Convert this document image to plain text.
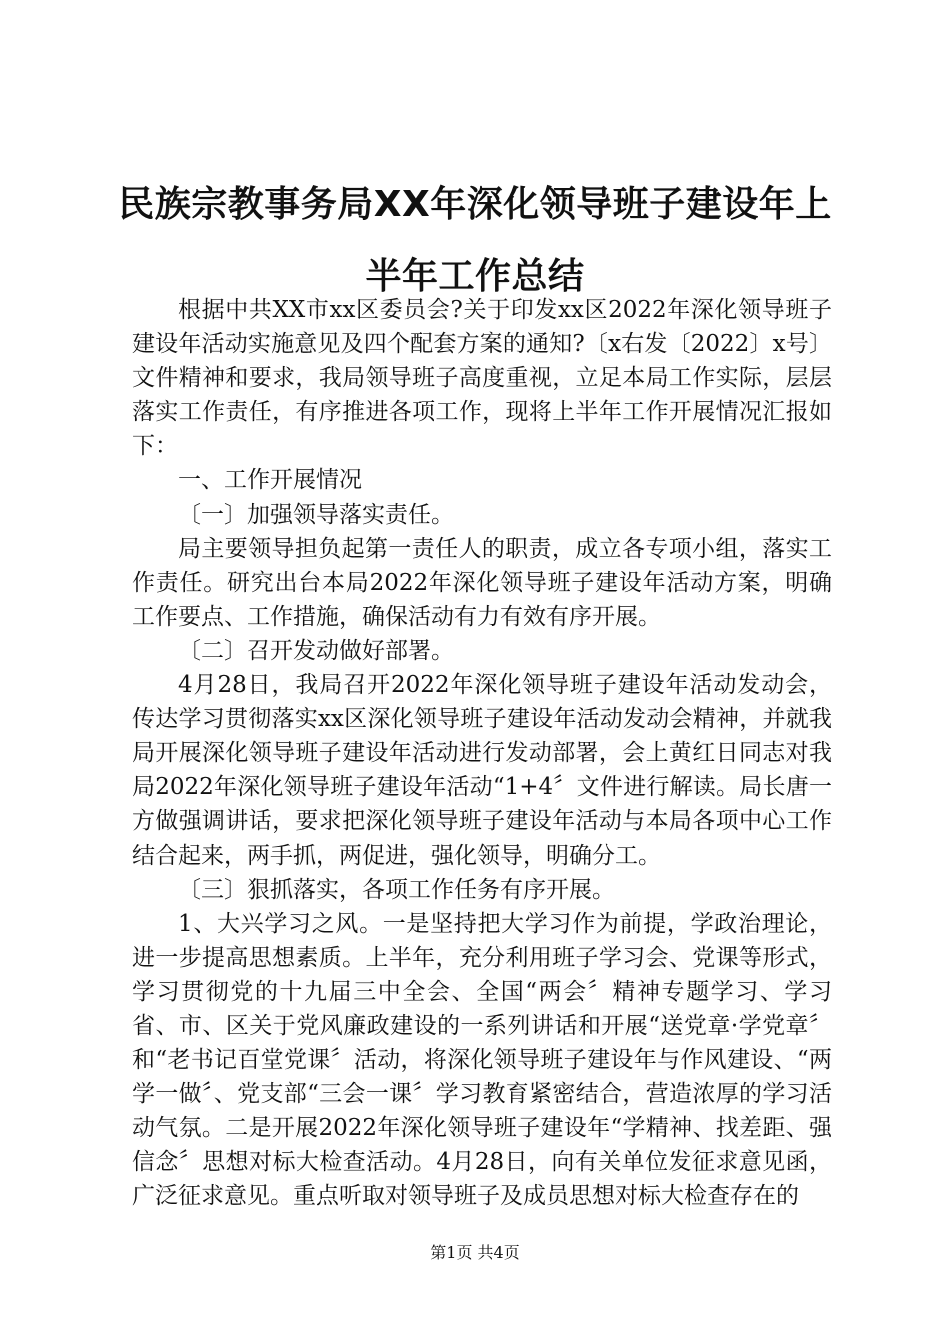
民族宗教事务局XX年深化领导班子建设年上
半年工作总结

根据中共XX市xx区委员会?关于印发xx区2022年深化领导班子建设年活动实施意见及四个配套方案的通知?〔x右发〔2022〕x号〕文件精神和要求，我局领导班子高度重视，立足本局工作实际，层层落实工作责任，有序推进各项工作，现将上半年工作开展情况汇报如下：

一、工作开展情况

〔一〕加强领导落实责任。

局主要领导担负起第一责任人的职责，成立各专项小组，落实工作责任。研究出台本局2022年深化领导班子建设年活动方案，明确工作要点、工作措施，确保活动有力有效有序开展。

〔二〕召开发动做好部署。

4月28日，我局召开2022年深化领导班子建设年活动发动会，传达学习贯彻落实xx区深化领导班子建设年活动发动会精神，并就我局开展深化领导班子建设年活动进行发动部署，会上黄红日同志对我局2022年深化领导班子建设年活动“1+4〞文件进行解读。局长唐一方做强调讲话，要求把深化领导班子建设年活动与本局各项中心工作结合起来，两手抓，两促进，强化领导，明确分工。

〔三〕狠抓落实，各项工作任务有序开展。

1、大兴学习之风。一是坚持把大学习作为前提，学政治理论，进一步提高思想素质。上半年，充分利用班子学习会、党课等形式，学习贯彻党的十九届三中全会、全国“两会〞精神专题学习、学习省、市、区关于党风廉政建设的一系列讲话和开展“送党章·学党章〞和“老书记百堂党课〞活动，将深化领导班子建设年与作风建设、“两学一做〞、党支部“三会一课〞学习教育紧密结合，营造浓厚的学习活动气氛。二是开展2022年深化领导班子建设年“学精神、找差距、强信念〞思想对标大检查活动。4月28日，向有关单位发征求意见函，广泛征求意见。重点听取对领导班子及成员思想对标大检查存在的

第1页 共4页
